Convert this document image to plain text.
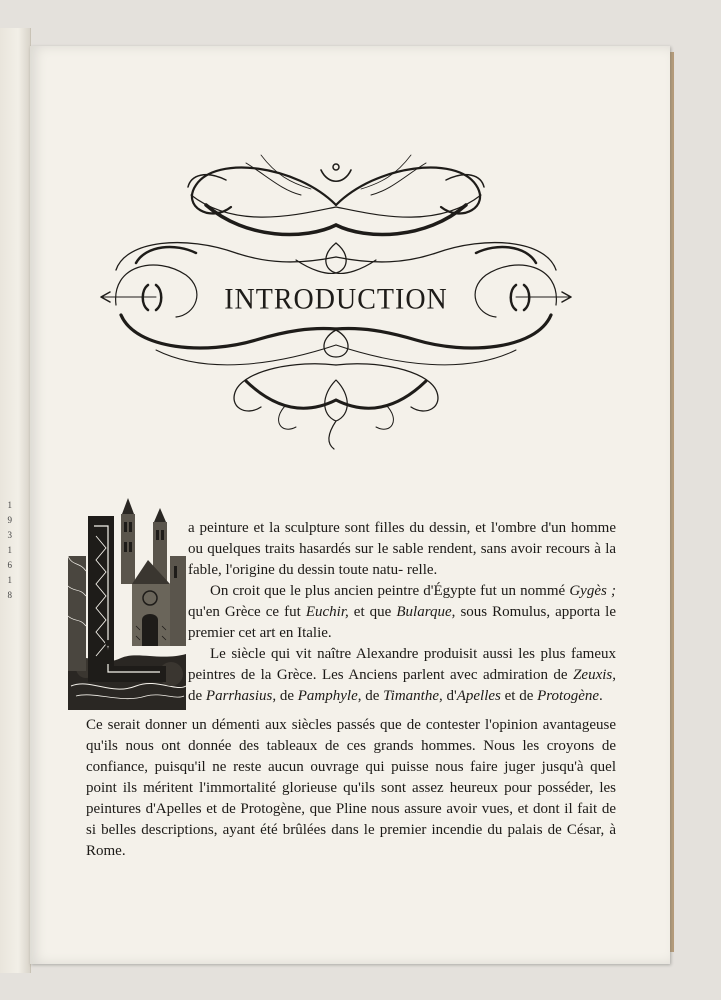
1
9
3
1
6
1
8
INTRODUCTION

a peinture et la sculpture sont filles du dessin, et l'ombre d'un homme ou quelques traits hasardés sur le sable rendent, sans avoir recours à la fable, l'origine du dessin toute natu- relle.

On croit que le plus ancien peintre d'Égypte fut un nommé Gygès ; qu'en Grèce ce fut Euchir, et que Bularque, sous Romulus, apporta le premier cet art en Italie.

Le siècle qui vit naître Alexandre produisit aussi les plus fameux peintres de la Grèce. Les Anciens parlent avec admiration de Zeuxis, de Parrhasius, de Pamphyle, de Timanthe, d'Apelles et de Protogène.

Ce serait donner un démenti aux siècles passés que de contester l'opinion avantageuse qu'ils nous ont donnée des tableaux de ces grands hommes. Nous les croyons de confiance, puisqu'il ne reste aucun ouvrage qui puisse nous faire juger jusqu'à quel point ils méritent l'immortalité glorieuse qu'ils sont assez heureux pour posséder, les peintures d'Apelles et de Protogène, que Pline nous assure avoir vues, et dont il fait de si belles descriptions, ayant été brûlées dans le premier incendie du palais de César, à Rome.
